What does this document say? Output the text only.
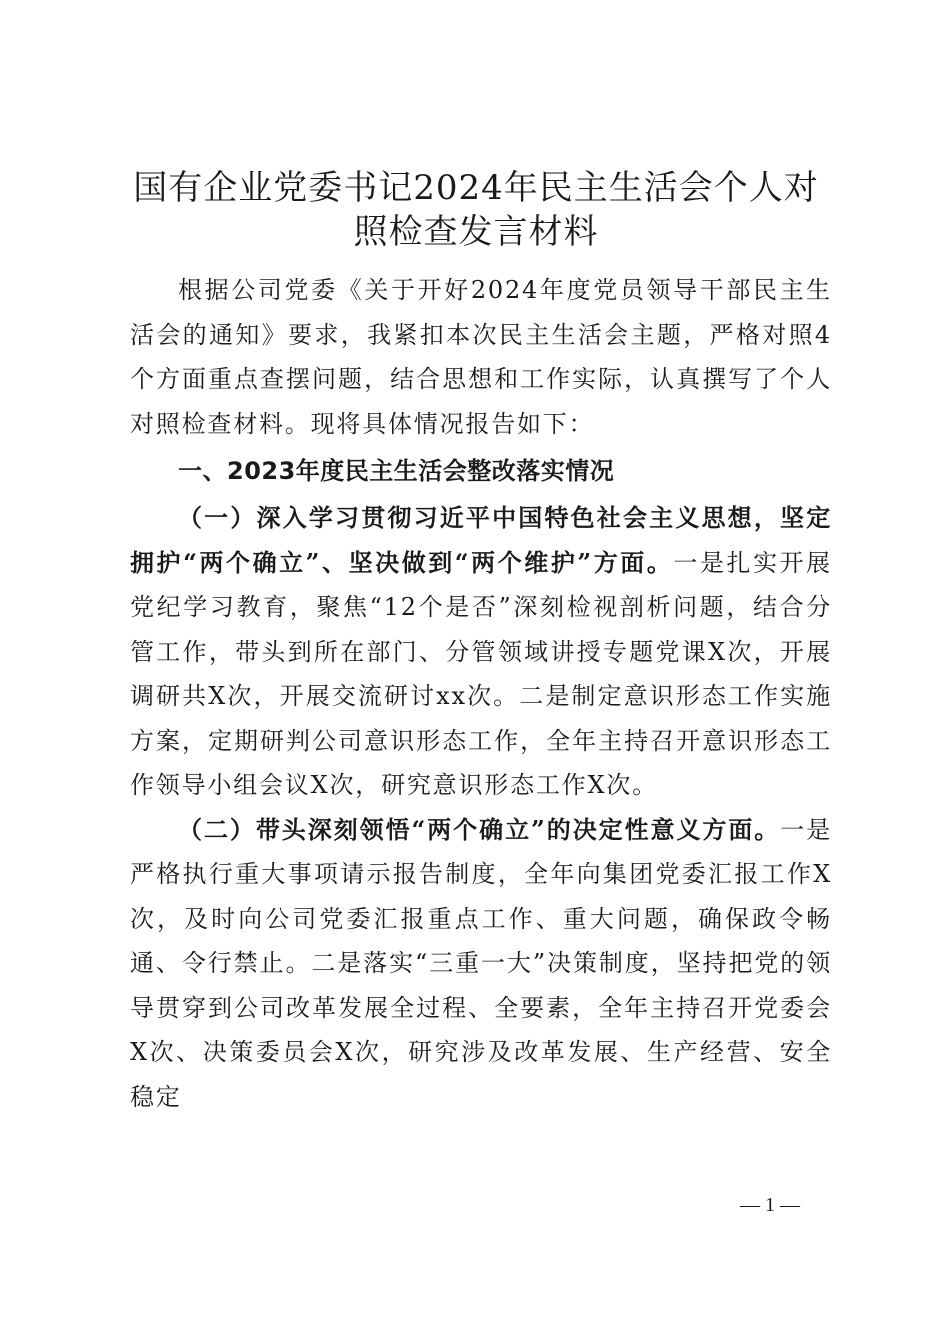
国有企业党委书记2024年民主生活会个人对照检查发言材料

根据公司党委《关于开好2024年度党员领导干部民主生活会的通知》要求，我紧扣本次民主生活会主题，严格对照4个方面重点查摆问题，结合思想和工作实际，认真撰写了个人对照检查材料。现将具体情况报告如下：

一、2023年度民主生活会整改落实情况

（一）深入学习贯彻习近平中国特色社会主义思想，坚定拥护“两个确立”、坚决做到“两个维护”方面。一是扎实开展党纪学习教育，聚焦“12个是否”深刻检视剖析问题，结合分管工作，带头到所在部门、分管领域讲授专题党课X次，开展调研共X次，开展交流研讨xx次。二是制定意识形态工作实施方案，定期研判公司意识形态工作，全年主持召开意识形态工作领导小组会议X次，研究意识形态工作X次。

（二）带头深刻领悟“两个确立”的决定性意义方面。一是严格执行重大事项请示报告制度，全年向集团党委汇报工作X次，及时向公司党委汇报重点工作、重大问题，确保政令畅通、令行禁止。二是落实“三重一大”决策制度，坚持把党的领导贯穿到公司改革发展全过程、全要素，全年主持召开党委会X次、决策委员会X次，研究涉及改革发展、生产经营、安全稳定

— 1 —
